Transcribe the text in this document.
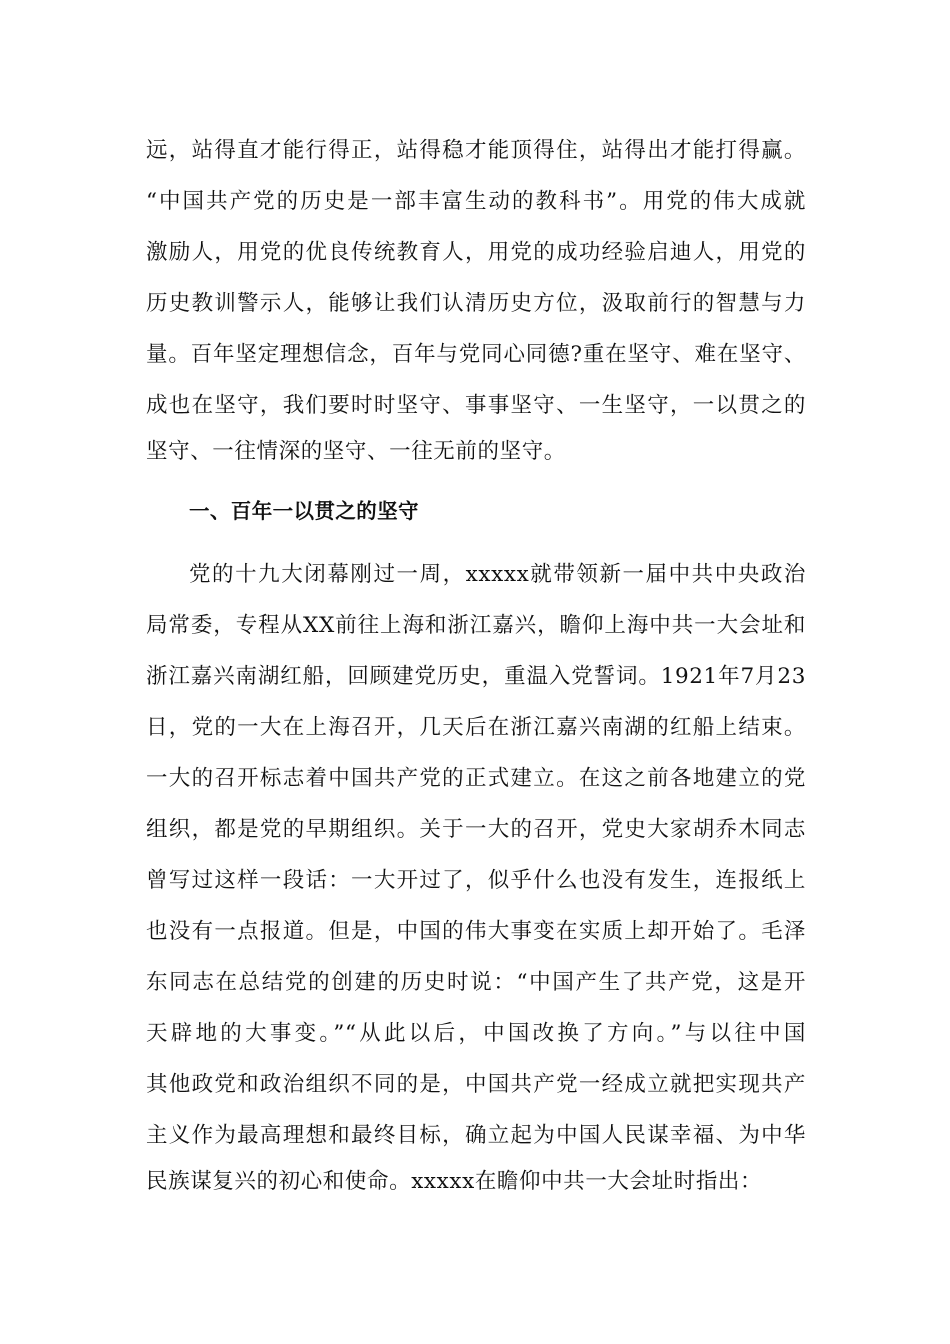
远，站得直才能行得正，站得稳才能顶得住，站得出才能打得赢。
“中国共产党的历史是一部丰富生动的教科书”。用党的伟大成就
激励人，用党的优良传统教育人，用党的成功经验启迪人，用党的
历史教训警示人，能够让我们认清历史方位，汲取前行的智慧与力
量。百年坚定理想信念，百年与党同心同德?重在坚守、难在坚守、
成也在坚守，我们要时时坚守、事事坚守、一生坚守，一以贯之的
坚守、一往情深的坚守、一往无前的坚守。
一、百年一以贯之的坚守
党的十九大闭幕刚过一周，xxxxx就带领新一届中共中央政治
局常委，专程从XX前往上海和浙江嘉兴，瞻仰上海中共一大会址和
浙江嘉兴南湖红船，回顾建党历史，重温入党誓词。1921年7月23
日，党的一大在上海召开，几天后在浙江嘉兴南湖的红船上结束。
一大的召开标志着中国共产党的正式建立。在这之前各地建立的党
组织，都是党的早期组织。关于一大的召开，党史大家胡乔木同志
曾写过这样一段话：一大开过了，似乎什么也没有发生，连报纸上
也没有一点报道。但是，中国的伟大事变在实质上却开始了。毛泽
东同志在总结党的创建的历史时说：“中国产生了共产党，这是开
天辟地的大事变。”“从此以后，中国改换了方向。”与以往中国
其他政党和政治组织不同的是，中国共产党一经成立就把实现共产
主义作为最高理想和最终目标，确立起为中国人民谋幸福、为中华
民族谋复兴的初心和使命。xxxxx在瞻仰中共一大会址时指出：
